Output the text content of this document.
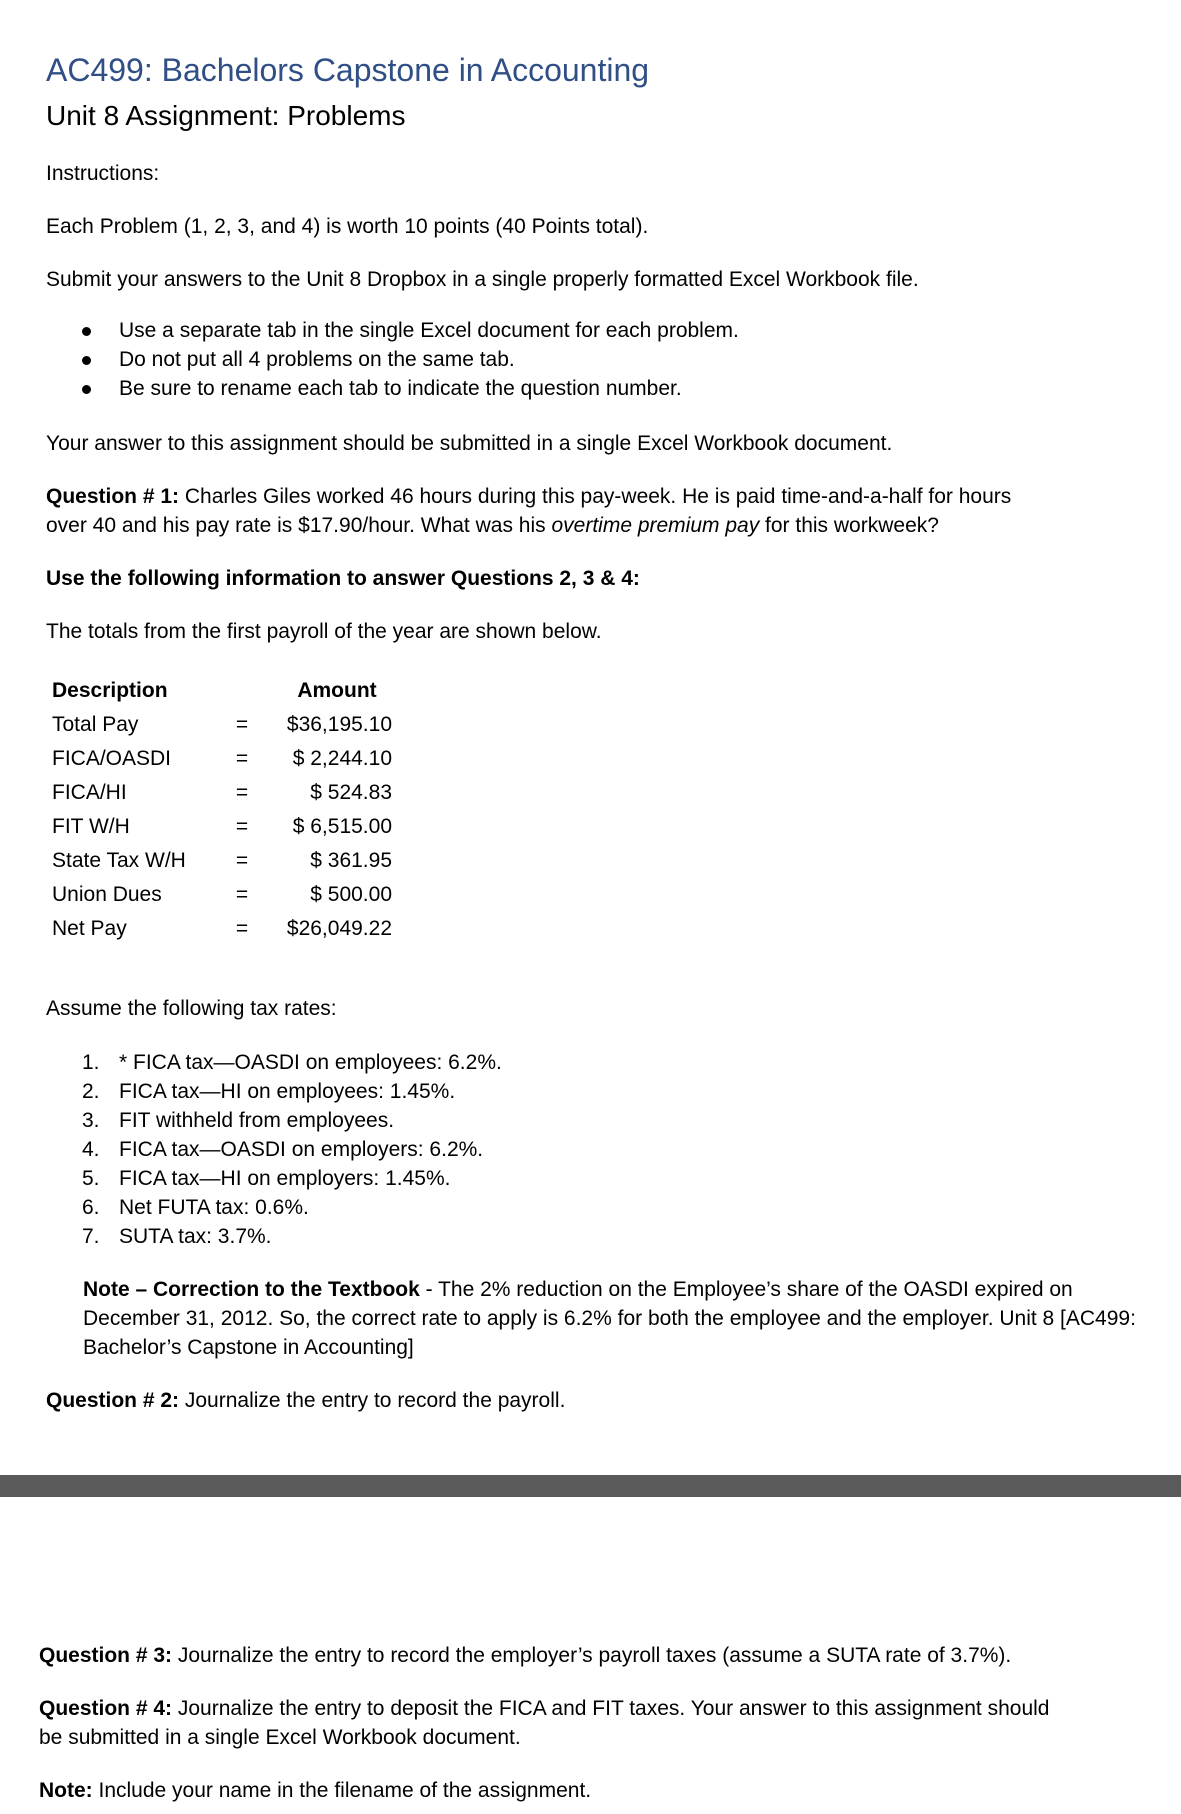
AC499: Bachelors Capstone in Accounting
Unit 8 Assignment: Problems
Instructions:
Each Problem (1, 2, 3, and 4) is worth 10 points (40 Points total).
Submit your answers to the Unit 8 Dropbox in a single properly formatted Excel Workbook file.
Use a separate tab in the single Excel document for each problem.
Do not put all 4 problems on the same tab.
Be sure to rename each tab to indicate the question number.
Your answer to this assignment should be submitted in a single Excel Workbook document.
Question # 1: Charles Giles worked 46 hours during this pay-week. He is paid time-and-a-half for hours
over 40 and his pay rate is $17.90/hour. What was his overtime premium pay for this workweek?
Use the following information to answer Questions 2, 3 & 4:
The totals from the first payroll of the year are shown below.
Description		Amount
Total Pay	=	$36,195.10
FICA/OASDI	=	$ 2,244.10
FICA/HI	=	$ 524.83
FIT W/H	=	$ 6,515.00
State Tax W/H	=	$ 361.95
Union Dues	=	$ 500.00
Net Pay	=	$26,049.22
Assume the following tax rates:
1. * FICA tax—OASDI on employees: 6.2%.
2. FICA tax—HI on employees: 1.45%.
3. FIT withheld from employees.
4. FICA tax—OASDI on employers: 6.2%.
5. FICA tax—HI on employers: 1.45%.
6. Net FUTA tax: 0.6%.
7. SUTA tax: 3.7%.
Note – Correction to the Textbook - The 2% reduction on the Employee’s share of the OASDI expired on December 31, 2012. So, the correct rate to apply is 6.2% for both the employee and the employer. Unit 8 [AC499: Bachelor’s Capstone in Accounting]
Question # 2: Journalize the entry to record the payroll.
Question # 3: Journalize the entry to record the employer’s payroll taxes (assume a SUTA rate of 3.7%).
Question # 4: Journalize the entry to deposit the FICA and FIT taxes. Your answer to this assignment should
be submitted in a single Excel Workbook document.
Note: Include your name in the filename of the assignment.
